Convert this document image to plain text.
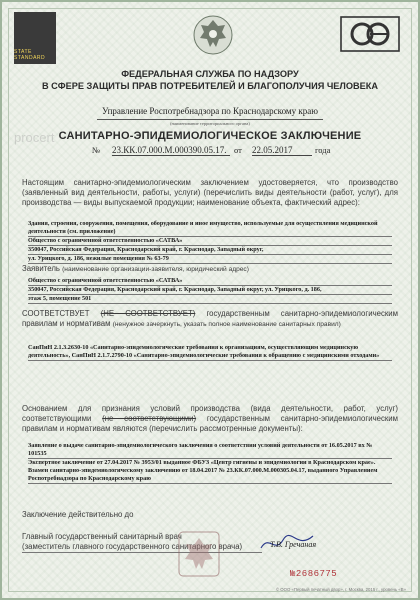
STATE STANDARD
procert
ФЕДЕРАЛЬНАЯ СЛУЖБА ПО НАДЗОРУ
В СФЕРЕ ЗАЩИТЫ ПРАВ ПОТРЕБИТЕЛЕЙ И БЛАГОПОЛУЧИЯ ЧЕЛОВЕКА
Управление Роспотребнадзора по Краснодарскому краю
(наименование территориального органа)
САНИТАРНО-ЭПИДЕМИОЛОГИЧЕСКОЕ ЗАКЛЮЧЕНИЕ
№ 23.КК.07.000.М.000390.05.17. от 22.05.2017	года
Настоящим санитарно-эпидемиологическим заключением удостоверяется, что производство (заявленный вид деятельности, работы, услуги) (перечислить виды деятельности (работ, услуг), для производства — виды выпускаемой продукции; наименование объекта, фактический адрес):
Здания, строения, сооружения, помещения, оборудование и иное имущество, используемые для осуществления медицинской деятельности (см. приложение)
Общество с ограниченной ответственностью «САТВА»
350047, Российская Федерация, Краснодарский край, г. Краснодар, Западный округ,
ул. Урицкого, д. 186, нежилые помещения № 63-79
Заявитель (наименование организации-заявителя, юридический адрес)
Общество с ограниченной ответственностью «САТВА»
350047, Российская Федерация, Краснодарский край, г. Краснодар, Западный округ, ул. Урицкого, д. 186,
этаж 5, помещение 501
СООТВЕТСТВУЕТ (НЕ СООТВЕТСТВУЕТ) государственным санитарно-эпидемиологическим правилам и нормативам (ненужное зачеркнуть, указать полное наименование санитарных правил)
СанПиН 2.1.3.2630-10 «Санитарно-эпидемиологические требования к организациям, осуществляющим медицинскую деятельность», СанПиН 2.1.7.2790-10 «Санитарно-эпидемиологические требования к обращению с медицинскими отходами»
Основанием для признания условий производства (вида деятельности, работ, услуг) соответствующими (не соответствующими) государственным санитарно-эпидемиологическим правилам и нормативам являются (перечислить рассмотренные документы):
Заявление о выдаче санитарно-эпидемиологического заключения о соответствии условий деятельности от 16.05.2017 вх № 101535
Экспертное заключение от 27.04.2017 № 3953/01 выданное ФБУЗ «Центр гигиены и эпидемиологии в Краснодарском крае». Взамен санитарно-эпидемиологическому заключению от 18.04.2017 № 23.КК.07.000.М.000305.04.17, выданного Управлением Роспотребнадзора по Краснодарскому краю
Заключение действительно до
Главный государственный санитарный врач
(заместитель главного государственного санитарного врача)	Т.В. Гречаная
№2686775
© ООО «Первый печатный двор», г. Москва, 2015 г., уровень «В»
